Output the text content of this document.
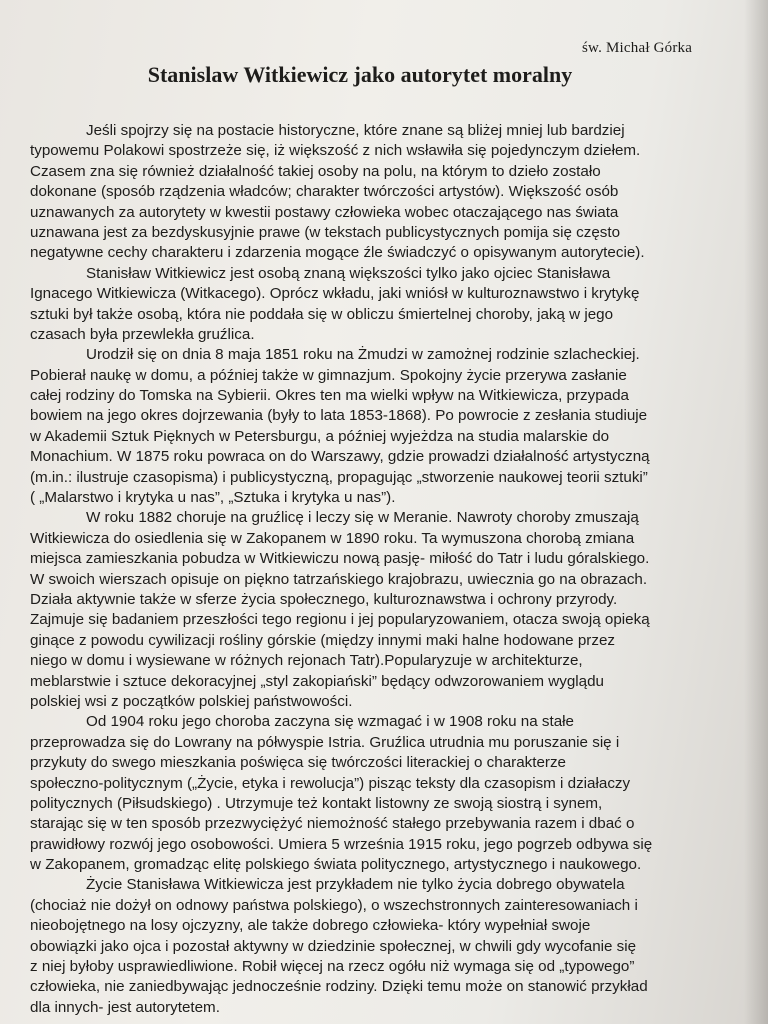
św. Michał Górka
Stanislaw Witkiewicz jako autorytet moralny
Jeśli spojrzy się na postacie historyczne, które znane są bliżej mniej lub bardziej
typowemu Polakowi spostrzeże się, iż większość z nich wsławiła się pojedynczym dziełem.
Czasem zna się również działalność takiej osoby na polu, na którym to dzieło zostało
dokonane (sposób rządzenia władców; charakter twórczości artystów). Większość osób
uznawanych za autorytety w kwestii postawy człowieka wobec otaczającego nas świata
uznawana jest za bezdyskusyjnie prawe (w tekstach publicystycznych pomija się często
negatywne cechy charakteru i zdarzenia mogące źle świadczyć o opisywanym autorytecie).
Stanisław Witkiewicz jest osobą znaną większości tylko jako ojciec Stanisława
Ignacego Witkiewicza (Witkacego). Oprócz wkładu, jaki wniósł w kulturoznawstwo i krytykę
sztuki był także osobą, która nie poddała się w obliczu śmiertelnej choroby, jaką w jego
czasach była przewlekła gruźlica.
Urodził się on dnia 8 maja 1851 roku na Żmudzi w zamożnej rodzinie szlacheckiej.
Pobierał naukę w domu, a później także w gimnazjum. Spokojny życie przerywa zasłanie
całej rodziny do Tomska na Sybierii. Okres ten ma wielki wpływ na Witkiewicza, przypada
bowiem na jego okres dojrzewania (były to lata 1853-1868). Po powrocie z zesłania studiuje
w Akademii Sztuk Pięknych w Petersburgu, a później wyjeżdza na studia malarskie do
Monachium. W 1875 roku powraca on do Warszawy, gdzie prowadzi działalność artystyczną
(m.in.: ilustruje czasopisma) i publicystyczną, propagując „stworzenie naukowej teorii sztuki”
( „Malarstwo i krytyka u nas”, „Sztuka i krytyka u nas”).
W roku 1882 choruje na gruźlicę i leczy się w Meranie. Nawroty choroby zmuszają
Witkiewicza do osiedlenia się w Zakopanem w 1890 roku. Ta wymuszona chorobą zmiana
miejsca zamieszkania pobudza w Witkiewiczu nową pasję- miłość do Tatr i ludu góralskiego.
W swoich wierszach opisuje on piękno tatrzańskiego krajobrazu, uwiecznia go na obrazach.
Działa aktywnie także w sferze życia społecznego, kulturoznawstwa i ochrony przyrody.
Zajmuje się badaniem przeszłości tego regionu i jej popularyzowaniem, otacza swoją opieką
ginące z powodu cywilizacji rośliny górskie (między innymi maki halne hodowane przez
niego w domu i wysiewane w różnych rejonach Tatr).Popularyzuje w architekturze,
meblarstwie i sztuce dekoracyjnej „styl zakopiański” będący odwzorowaniem wyglądu
polskiej wsi z początków polskiej państwowości.
Od 1904 roku jego choroba zaczyna się wzmagać i w 1908 roku na stałe
przeprowadza się do Lowrany na półwyspie Istria. Gruźlica utrudnia mu poruszanie się i
przykuty do swego mieszkania poświęca się twórczości literackiej o charakterze
społeczno-politycznym („Życie, etyka i rewolucja”) pisząc teksty dla czasopism i działaczy
politycznych (Piłsudskiego) . Utrzymuje też kontakt listowny ze swoją siostrą i synem,
starając się w ten sposób przezwyciężyć niemożność stałego przebywania razem i dbać o
prawidłowy rozwój jego osobowości. Umiera 5 września 1915 roku, jego pogrzeb odbywa się
w Zakopanem, gromadząc elitę polskiego świata politycznego, artystycznego i naukowego.
Życie Stanisława Witkiewicza jest przykładem nie tylko życia dobrego obywatela
(chociaż nie dożył on odnowy państwa polskiego), o wszechstronnych zainteresowaniach i
nieobojętnego na losy ojczyzny, ale także dobrego człowieka- który wypełniał swoje
obowiązki jako ojca i pozostał aktywny w dziedzinie społecznej, w chwili gdy wycofanie się
z niej byłoby usprawiedliwione. Robił więcej na rzecz ogółu niż wymaga się od „typowego”
człowieka, nie zaniedbywając jednocześnie rodziny. Dzięki temu może on stanowić przykład
dla innych- jest autorytetem.
